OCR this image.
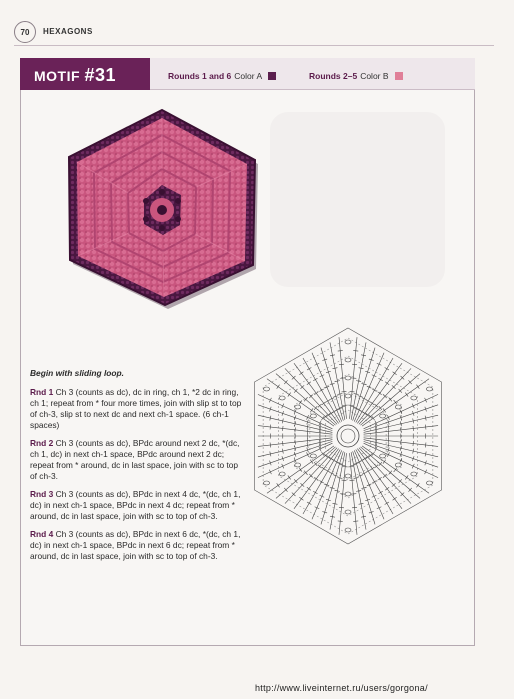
70	HEXAGONS
MOTIF #31	Rounds 1 and 6 Color A	Rounds 2–5 Color B
Begin with sliding loop.

Rnd 1 Ch 3 (counts as dc), dc in ring, ch 1, *2 dc in ring, ch 1; repeat from * four more times, join with slip st to top of ch-3, slip st to next dc and next ch-1 space. (6 ch-1 spaces)

Rnd 2 Ch 3 (counts as dc), BPdc around next 2 dc, *(dc, ch 1, dc) in next ch-1 space, BPdc around next 2 dc; repeat from * around, dc in last space, join with sc to top of ch-3.

Rnd 3 Ch 3 (counts as dc), BPdc in next 4 dc, *(dc, ch 1, dc) in next ch-1 space, BPdc in next 4 dc; repeat from * around, dc in last space, join with sc to top of ch-3.

Rnd 4 Ch 3 (counts as dc), BPdc in next 6 dc, *(dc, ch 1, dc) in next ch-1 space, BPdc in next 6 dc; repeat from * around, dc in last space, join with sc to top of ch-3.

http://www.liveinternet.ru/users/gorgona/
